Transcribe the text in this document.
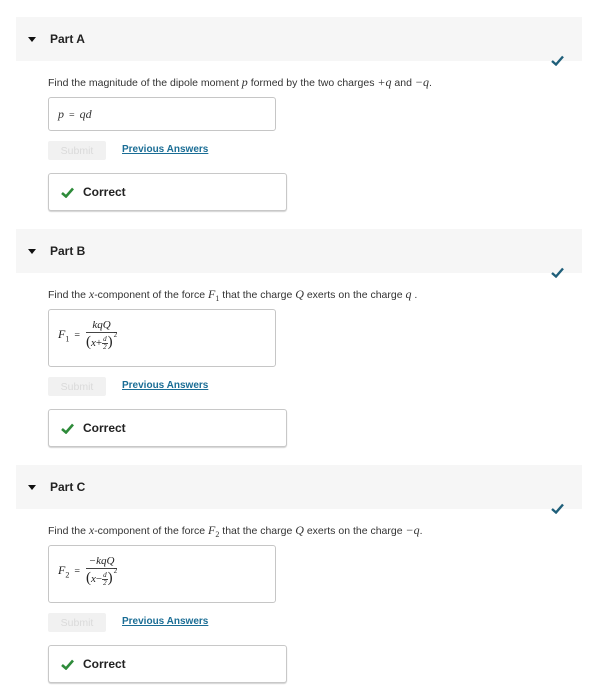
Part A
Find the magnitude of the dipole moment p formed by the two charges +q and −q.
p = qd
Submit	Previous Answers
Correct
Part B
Find the x-component of the force $F_1$ that the charge Q exerts on the charge q .
$F_1 = \frac{\text{kqQ}}{(x+ \frac{d}{2} )^2}$
Submit	Previous Answers
Correct
Part C
Find the x-component of the force $F_2$ that the charge Q exerts on the charge −q.
$F_2 = \frac{\text{−kqQ}}{(x- \frac{d}{2} )^2}$
Submit	Previous Answers
Correct
